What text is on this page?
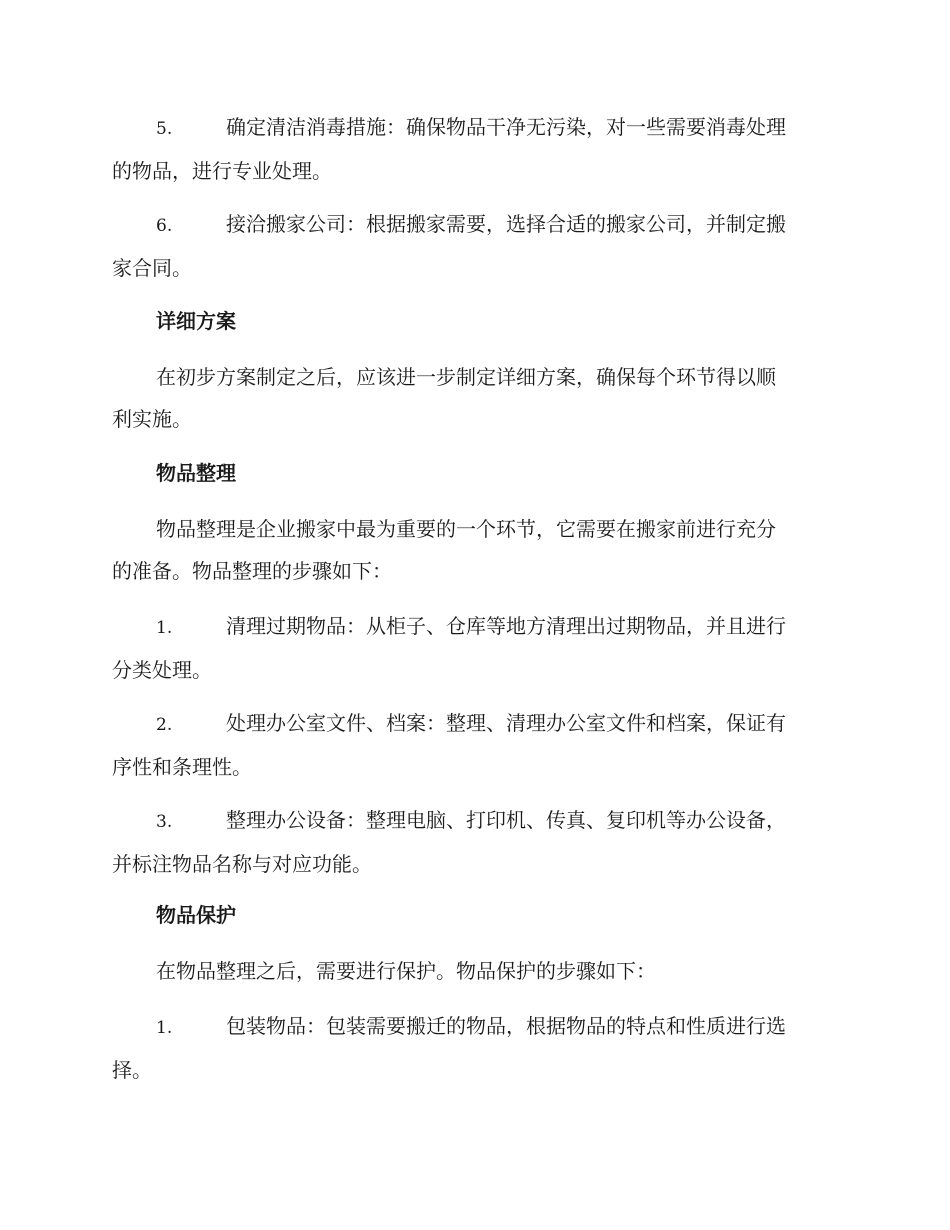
5.	确定清洁消毒措施：确保物品干净无污染，对一些需要消毒处理
的物品，进行专业处理。
6.	接洽搬家公司：根据搬家需要，选择合适的搬家公司，并制定搬
家合同。
详细方案
在初步方案制定之后，应该进一步制定详细方案，确保每个环节得以顺
利实施。
物品整理
物品整理是企业搬家中最为重要的一个环节，它需要在搬家前进行充分
的准备。物品整理的步骤如下：
1.	清理过期物品：从柜子、仓库等地方清理出过期物品，并且进行
分类处理。
2.	处理办公室文件、档案：整理、清理办公室文件和档案，保证有
序性和条理性。
3.	整理办公设备：整理电脑、打印机、传真、复印机等办公设备，
并标注物品名称与对应功能。
物品保护
在物品整理之后，需要进行保护。物品保护的步骤如下：
1.	包装物品：包装需要搬迁的物品，根据物品的特点和性质进行选
择。
